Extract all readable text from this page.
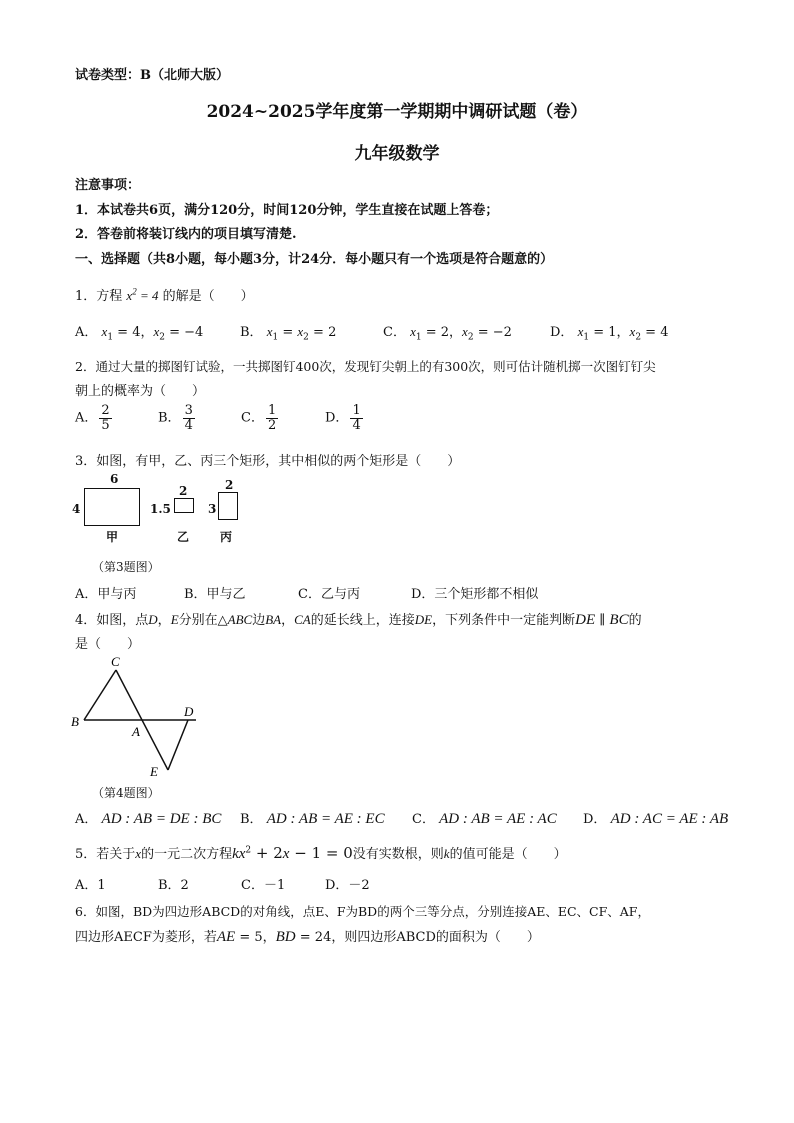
试卷类型：B（北师大版）
2024~2025学年度第一学期期中调研试题（卷）
九年级数学
注意事项：
1．本试卷共6页，满分120分，时间120分钟，学生直接在试题上答卷；
2．答卷前将装订线内的项目填写清楚.
一、选择题（共8小题，每小题3分，计24分．每小题只有一个选项是符合题意的）
1．方程 $x^2 = 4$ 的解是（　　）
A． $x_1 = 4$，$x_2 = -4$	B． $x_1 = x_2 = 2$	C． $x_1 = 2$，$x_2 = -2$	D． $x_1 = 1$，$x_2 = 4$
2．通过大量的掷图钉试验，一共掷图钉400次，发现钉尖朝上的有300次，则可估计随机掷一次图钉钉尖
朝上的概率为（　　）
A． $\frac{2}{5}$	B． $\frac{3}{4}$	C． $\frac{1}{2}$	D． $\frac{1}{4}$
3．如图，有甲，乙、丙三个矩形，其中相似的两个矩形是（　　）
6
4
甲
2
1.5
乙
2
3
丙
（第3题图）
A．甲与丙	B．甲与乙	C．乙与丙	D．三个矩形都不相似
4．如图，点D，E分别在△ABC边BA，CA的延长线上，连接DE，下列条件中一定能判断DE ∥ BC的
是（　　）
C
B
A
D
E
（第4题图）
A． AD : AB = DE : BC B． AD : AB = AE : EC C． AD : AB = AE : AC D． AD : AC = AE : AB
5．若关于x的一元二次方程$kx^2 + 2x - 1 = 0$没有实数根，则k的值可能是（　　）
A．1	B．2	C．－1	D．－2
6．如图，BD为四边形ABCD的对角线，点E、F为BD的两个三等分点，分别连接AE、EC、CF、AF，
四边形AECF为菱形，若AE = 5，BD = 24，则四边形ABCD的面积为（　　）
